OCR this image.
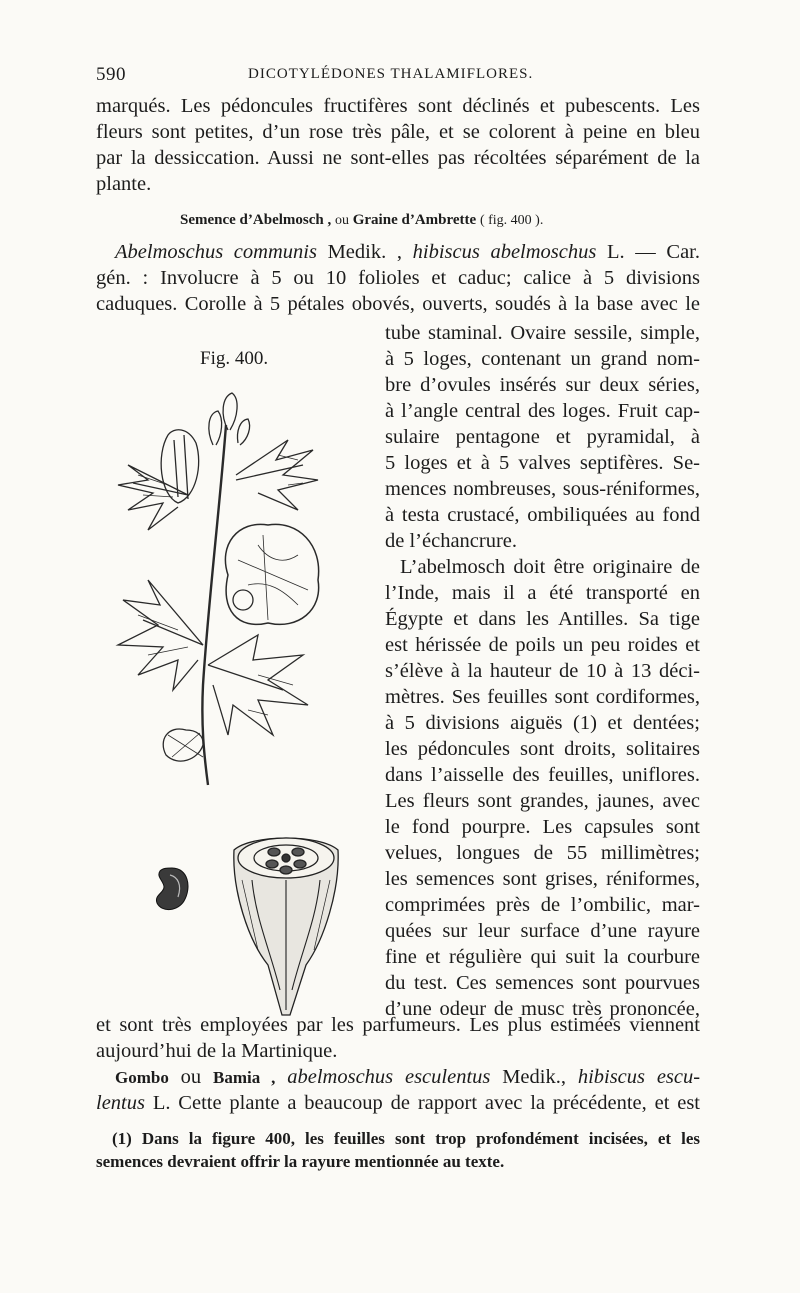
590	DICOTYLÉDONES THALAMIFLORES.
marqués. Les pédoncules fructifères sont déclinés et pubescents. Les
fleurs sont petites, d’un rose très pâle, et se colorent à peine en bleu
par la dessiccation. Aussi ne sont-elles pas récoltées séparément de la
plante.
Semence d’Abelmosch , ou Graine d’Ambrette ( fig. 400 ).
Abelmoschus communis Medik. , hibiscus abelmoschus L. — Car.
gén. : Involucre à 5 ou 10 folioles et caduc; calice à 5 divisions
caduques. Corolle à 5 pétales obovés, ouverts, soudés à la base avec le
Fig. 400.
tube staminal. Ovaire sessile, simple,
à 5 loges, contenant un grand nom-
bre d’ovules insérés sur deux séries,
à l’angle central des loges. Fruit cap-
sulaire pentagone et pyramidal, à
5 loges et à 5 valves septifères. Se-
mences nombreuses, sous-réniformes,
à testa crustacé, ombiliquées au fond
de l’échancrure.
L’abelmosch doit être originaire de
l’Inde, mais il a été transporté en
Égypte et dans les Antilles. Sa tige
est hérissée de poils un peu roides et
s’élève à la hauteur de 10 à 13 déci-
mètres. Ses feuilles sont cordiformes,
à 5 divisions aiguës (1) et dentées;
les pédoncules sont droits, solitaires
dans l’aisselle des feuilles, uniflores.
Les fleurs sont grandes, jaunes, avec
le fond pourpre. Les capsules sont
velues, longues de 55 millimètres;
les semences sont grises, réniformes,
comprimées près de l’ombilic, mar-
quées sur leur surface d’une rayure
fine et régulière qui suit la courbure
du test. Ces semences sont pourvues
d’une odeur de musc très prononcée,
et sont très employées par les parfumeurs. Les plus estimées viennent
aujourd’hui de la Martinique.
Gombo ou Bamia , abelmoschus esculentus Medik., hibiscus escu-
lentus L. Cette plante a beaucoup de rapport avec la précédente, et est
(1) Dans la figure 400, les feuilles sont trop profondément incisées, et les
semences devraient offrir la rayure mentionnée au texte.
